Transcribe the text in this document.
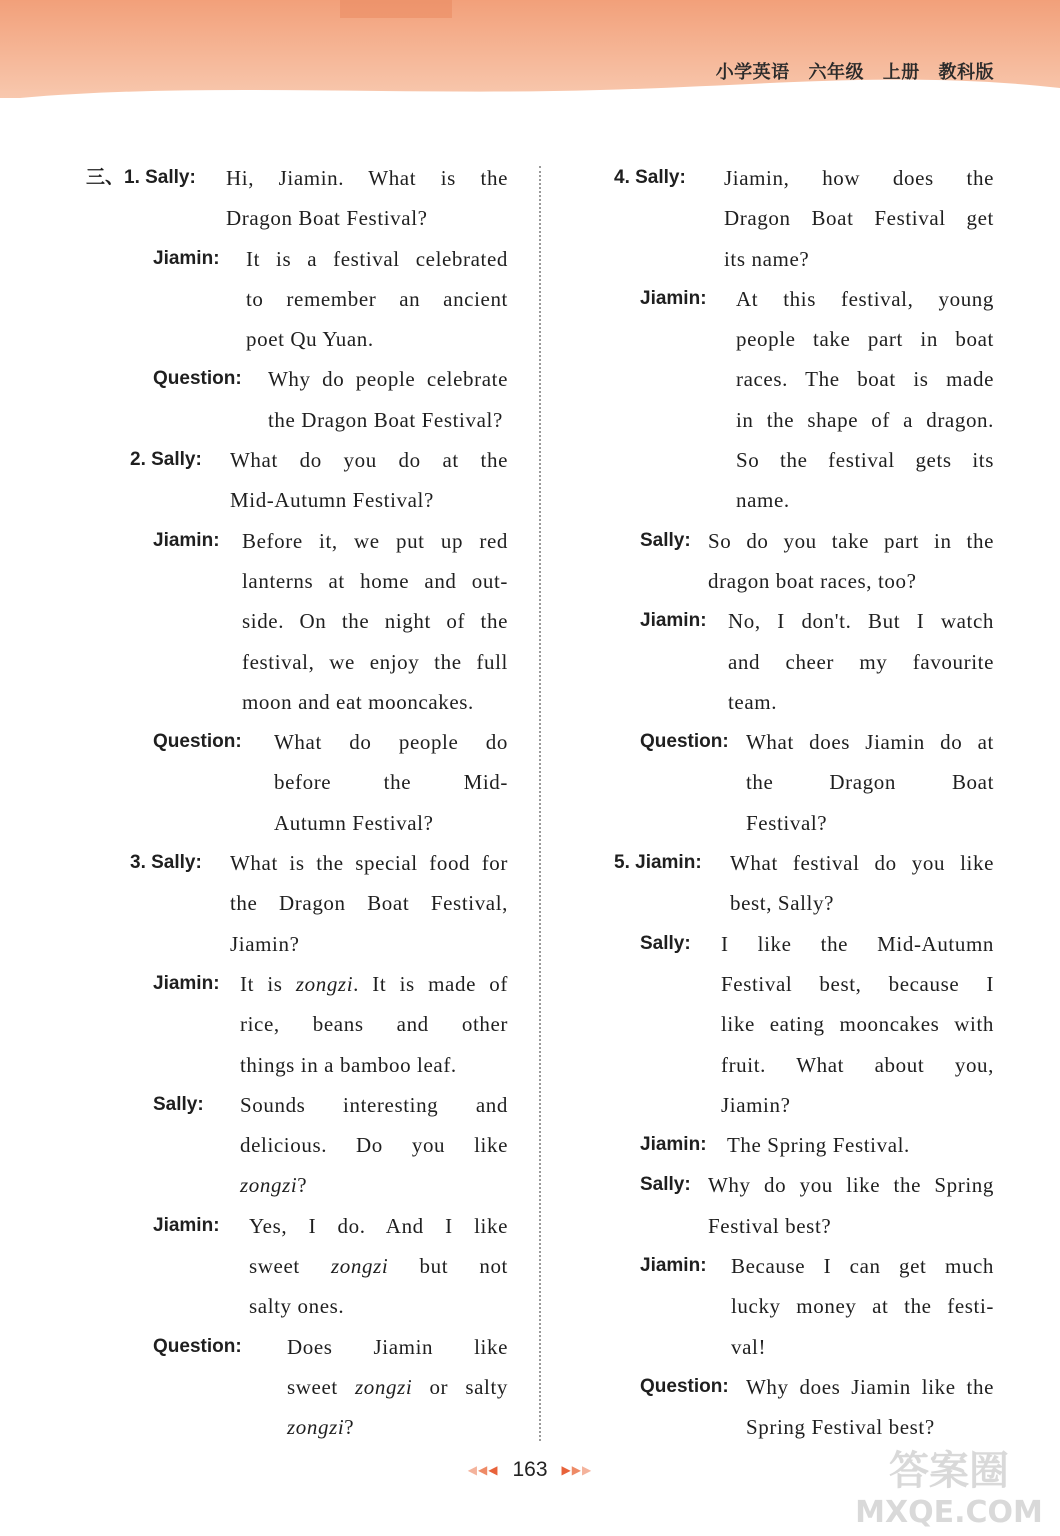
小学英语 六年级 上册 教科版
三、1. Sally: Hi, Jiamin. What is the
Dragon Boat Festival?
Jiamin: It is a festival celebrated
to remember an ancient
poet Qu Yuan.
Question: Why do people celebrate
the Dragon Boat Festival?
2. Sally: What do you do at the
Mid-Autumn Festival?
Jiamin: Before it, we put up red
lanterns at home and out-
side. On the night of the
festival, we enjoy the full
moon and eat mooncakes.
Question: What do people do
before the Mid-
Autumn Festival?
3. Sally: What is the special food for
the Dragon Boat Festival,
Jiamin?
Jiamin: It is zongzi. It is made of
rice, beans and other
things in a bamboo leaf.
Sally: Sounds interesting and
delicious. Do you like
zongzi?
Jiamin: Yes, I do. And I like
sweet zongzi but not
salty ones.
Question: Does Jiamin like
sweet zongzi or salty
zongzi?
4. Sally: Jiamin, how does the
Dragon Boat Festival get
its name?
Jiamin: At this festival, young
people take part in boat
races. The boat is made
in the shape of a dragon.
So the festival gets its
name.
Sally: So do you take part in the
dragon boat races, too?
Jiamin: No, I don't. But I watch
and cheer my favourite
team.
Question: What does Jiamin do at
the Dragon Boat
Festival?
5. Jiamin: What festival do you like
best, Sally?
Sally: I like the Mid-Autumn
Festival best, because I
like eating mooncakes with
fruit. What about you,
Jiamin?
Jiamin: The Spring Festival.
Sally: Why do you like the Spring
Festival best?
Jiamin: Because I can get much
lucky money at the festi-
val!
Question: Why does Jiamin like the
Spring Festival best?
◀◀◀ 163 ▶▶▶	答案圈
MXQE.COM
